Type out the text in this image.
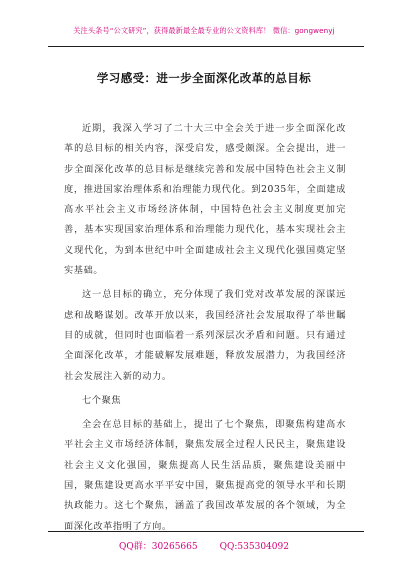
关注头条号“公文研究”，获得最新最全最专业的公文资料库！ 微信：gongwenyj
学习感受：进一步全面深化改革的总目标

近期，我深入学习了二十大三中全会关于进一步全面深化改革的总目标的相关内容，深受启发，感受颇深。全会提出，进一步全面深化改革的总目标是继续完善和发展中国特色社会主义制度，推进国家治理体系和治理能力现代化。到2035年，全面建成高水平社会主义市场经济体制，中国特色社会主义制度更加完善，基本实现国家治理体系和治理能力现代化，基本实现社会主义现代化，为到本世纪中叶全面建成社会主义现代化强国奠定坚实基础。

这一总目标的确立，充分体现了我们党对改革发展的深谋远虑和战略谋划。改革开放以来，我国经济社会发展取得了举世瞩目的成就，但同时也面临着一系列深层次矛盾和问题。只有通过全面深化改革，才能破解发展难题，释放发展潜力，为我国经济社会发展注入新的动力。

七个聚焦

全会在总目标的基础上，提出了七个聚焦，即聚焦构建高水平社会主义市场经济体制，聚焦发展全过程人民民主，聚焦建设社会主义文化强国，聚焦提高人民生活品质，聚焦建设美丽中国，聚焦建设更高水平平安中国，聚焦提高党的领导水平和长期执政能力。这七个聚焦，涵盖了我国改革发展的各个领域，为全面深化改革指明了方向。

QQ群：30265665 QQ:535304092
